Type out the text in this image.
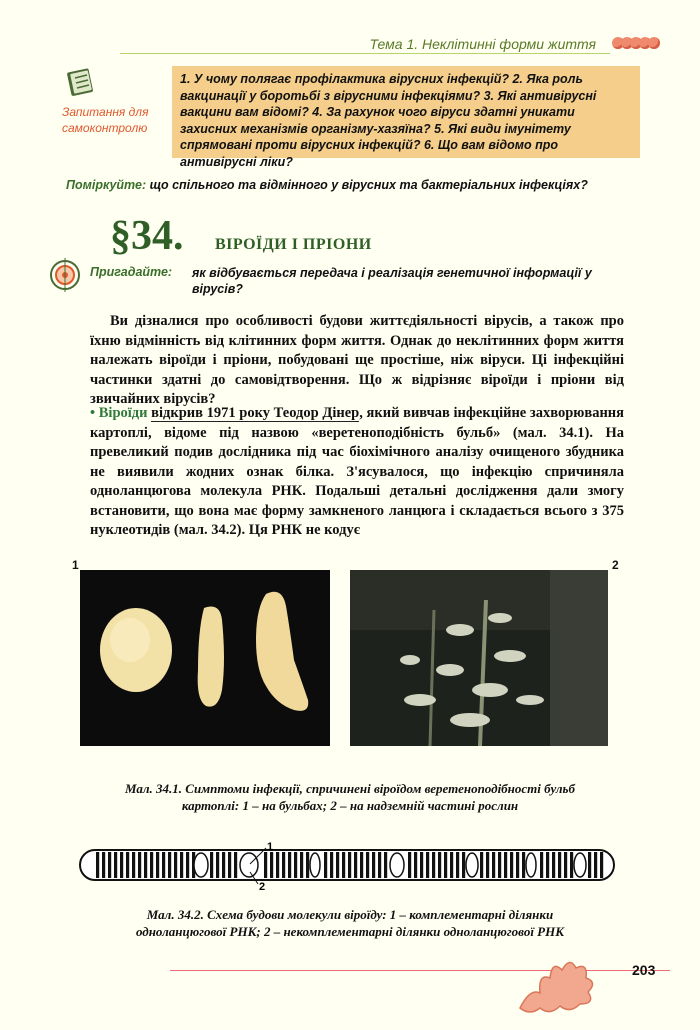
Тема 1. Неклітинні форми життя
Запитання для
самоконтролю

1. У чому полягає профілактика вірусних інфекцій? 2. Яка роль вакцинації у боротьбі з вірусними інфекціями? 3. Які антивірусні вакцини вам відомі? 4. За рахунок чого віруси здатні уникати захисних механізмів організму-хазяїна? 5. Які види імунітету спрямовані проти вірусних інфекцій? 6. Що вам відомо про антивірусні ліки?

Поміркуйте: що спільного та відмінного у вірусних та бактеріальних інфекціях?
§34. ВІРОЇДИ І ПРІОНИ
Пригадайте: як відбувається передача і реалізація генетичної інформації у вірусів?

Ви дізналися про особливості будови життєдіяльності вірусів, а також про їхню відмінність від клітинних форм життя. Однак до неклітинних форм життя належать віроїди і пріони, побудовані ще простіше, ніж віруси. Ці інфекційні частинки здатні до самовідтворення. Що ж відрізняє віроїди і пріони від звичайних вірусів?

• Віроїди відкрив 1971 року Теодор Дінер, який вивчав інфекційне захворювання картоплі, відоме під назвою «веретеноподібність бульб» (мал. 34.1). На превеликий подив дослідника під час біохімічного аналізу очищеного збудника не виявили жодних ознак білка. З'ясувалося, що інфекцію спричиняла одноланцюгова молекула РНК. Подальші детальні дослідження дали змогу встановити, що вона має форму замкненого ланцюга і складається всього з 375 нуклеотидів (мал. 34.2). Ця РНК не кодує

1	2
Мал. 34.1. Симптоми інфекції, спричинені віроїдом веретеноподібності бульб
картоплі: 1 – на бульбах; 2 – на надземній частині рослин
1
2
Мал. 34.2. Схема будови молекули віроїду: 1 – комплементарні ділянки
одноланцюгової РНК; 2 – некомплементарні ділянки одноланцюгової РНК
203
